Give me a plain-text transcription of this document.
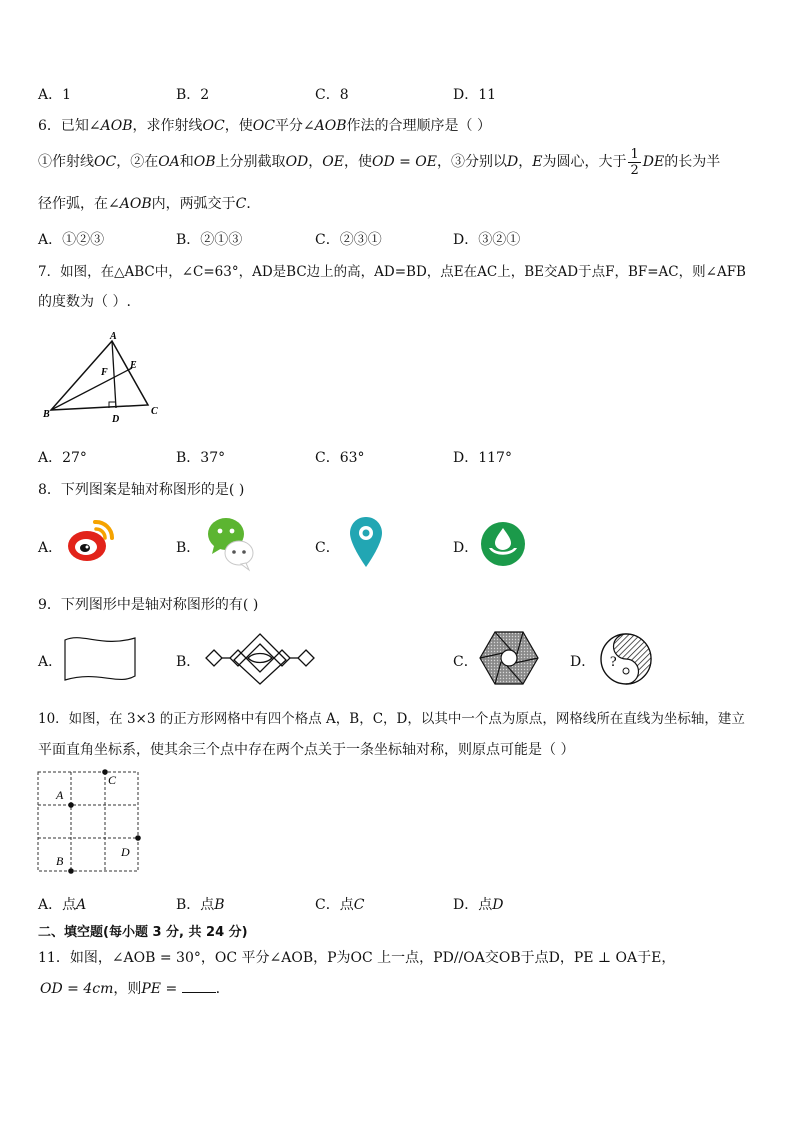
A．1	B．2	C．8	D．11
6．已知∠AOB，求作射线OC，使OC平分∠AOB作法的合理顺序是（ ）
①作射线OC，②在OA和OB上分别截取OD，OE，使OD = OE，③分别以D，E为圆心，大于 $\frac{1}{2}$ DE的长为半
径作弧，在∠AOB内，两弧交于C．
A．①②③	B．②①③	C．②③①	D．③②①
7．如图，在△ABC中，∠C=63°，AD是BC边上的高，AD=BD，点E在AC上，BE交AD于点F，BF=AC，则∠AFB
的度数为（ ）.
A
B	C
D
E
F
A．27°	B．37°	C．63°	D．117°
8．下列图案是轴对称图形的是( )
A．	B．	C．	D．
9．下列图形中是轴对称图形的有( )
A．	B．	C．	D． ?
10．如图，在 3×3 的正方形网格中有四个格点 A，B，C，D，以其中一个点为原点，网格线所在直线为坐标轴，建立
平面直角坐标系，使其余三个点中存在两个点关于一条坐标轴对称，则原点可能是（ ）
A
C
D
B
A．点A	B．点B	C．点C	D．点D
二、填空题(每小题 3 分, 共 24 分)
11．如图，∠AOB = 30°，OC 平分∠AOB，P为OC 上一点，PD//OA交OB于点D，PE ⊥ OA于E，
OD = 4cm，则PE =	.
